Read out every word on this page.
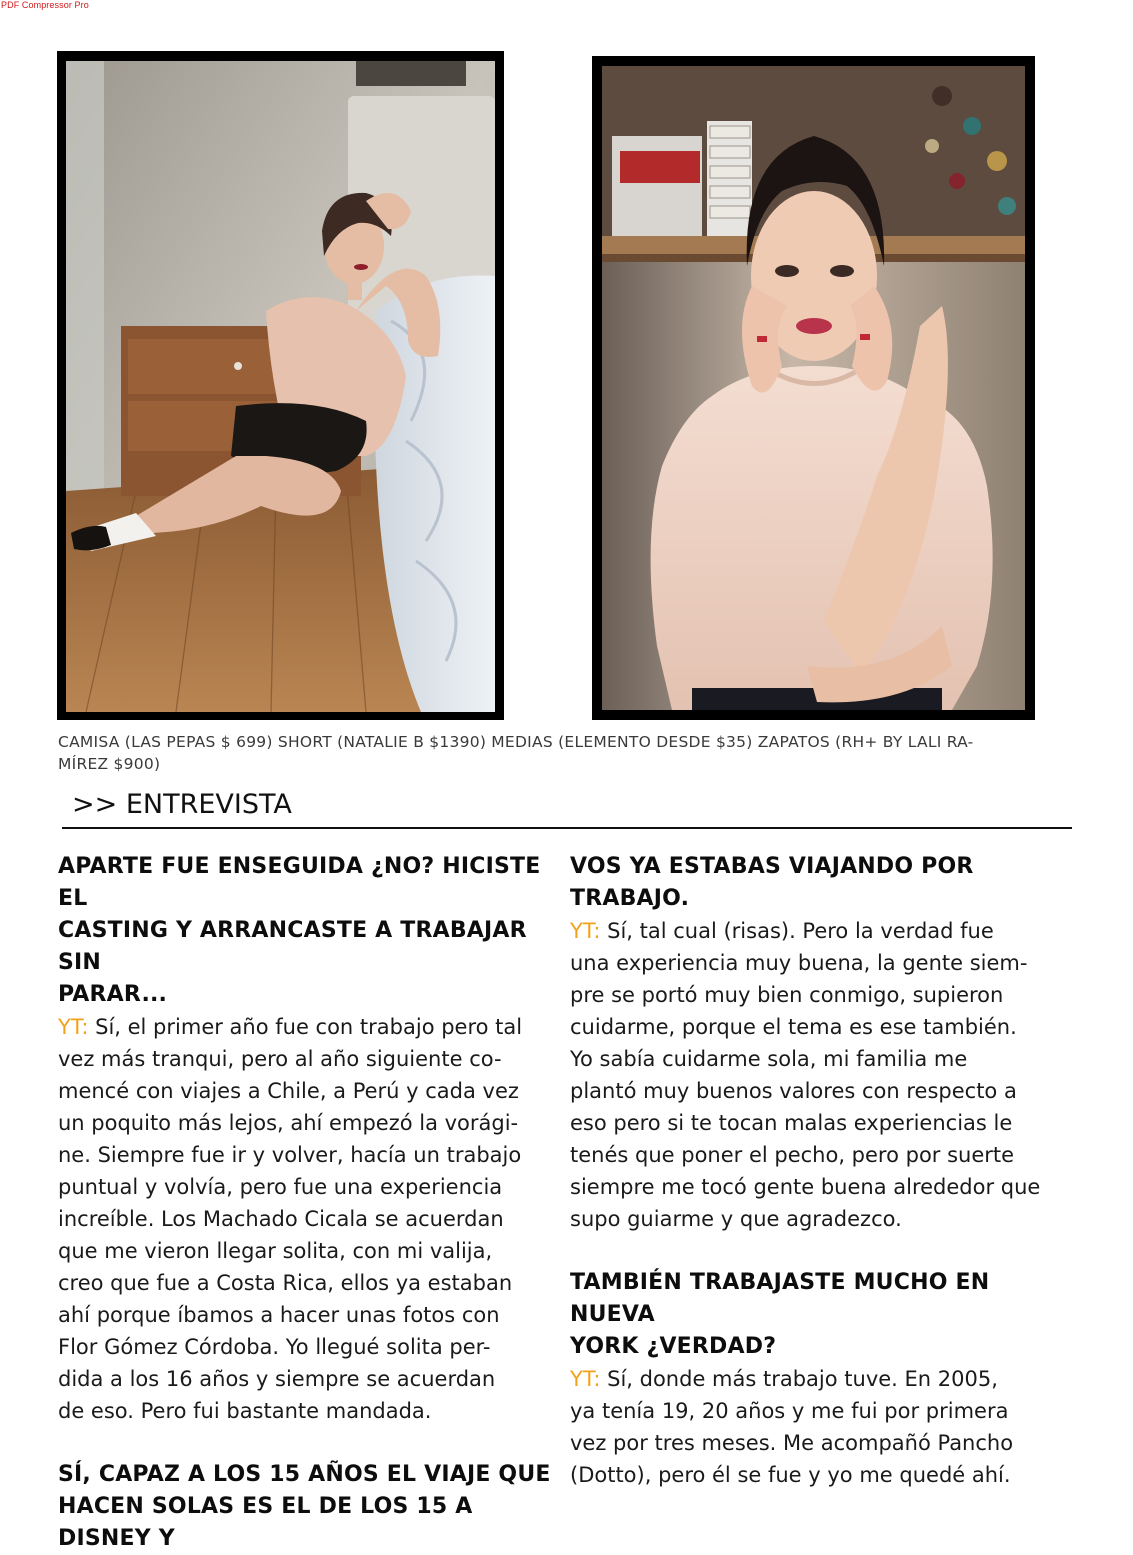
PDF Compressor Pro
CAMISA (LAS PEPAS $ 699) SHORT (NATALIE B $1390) MEDIAS (ELEMENTO DESDE $35) ZAPATOS (RH+ BY LALI RA-
MÍREZ $900)
>> ENTREVISTA
APARTE FUE ENSEGUIDA ¿NO? HICISTE EL
CASTING Y ARRANCASTE A TRABAJAR SIN
PARAR...
YT: Sí, el primer año fue con trabajo pero tal
vez más tranqui, pero al año siguiente co-
mencé con viajes a Chile, a Perú y cada vez
un poquito más lejos, ahí empezó la vorági-
ne. Siempre fue ir y volver, hacía un trabajo
puntual y volvía, pero fue una experiencia
increíble. Los Machado Cicala se acuerdan
que me vieron llegar solita, con mi valija,
creo que fue a Costa Rica, ellos ya estaban
ahí porque íbamos a hacer unas fotos con
Flor Gómez Córdoba. Yo llegué solita per-
dida a los 16 años y siempre se acuerdan
de eso. Pero fui bastante mandada.
SÍ, CAPAZ A LOS 15 AÑOS EL VIAJE QUE
HACEN SOLAS ES EL DE LOS 15 A DISNEY Y
VOS YA ESTABAS VIAJANDO POR TRABAJO.
YT: Sí, tal cual (risas). Pero la verdad fue
una experiencia muy buena, la gente siem-
pre se portó muy bien conmigo, supieron
cuidarme, porque el tema es ese también.
Yo sabía cuidarme sola, mi familia me
plantó muy buenos valores con respecto a
eso pero si te tocan malas experiencias le
tenés que poner el pecho, pero por suerte
siempre me tocó gente buena alrededor que
supo guiarme y que agradezco.
TAMBIÉN TRABAJASTE MUCHO EN NUEVA
YORK ¿VERDAD?
YT: Sí, donde más trabajo tuve. En 2005,
ya tenía 19, 20 años y me fui por primera
vez por tres meses. Me acompañó Pancho
(Dotto), pero él se fue y yo me quedé ahí.
